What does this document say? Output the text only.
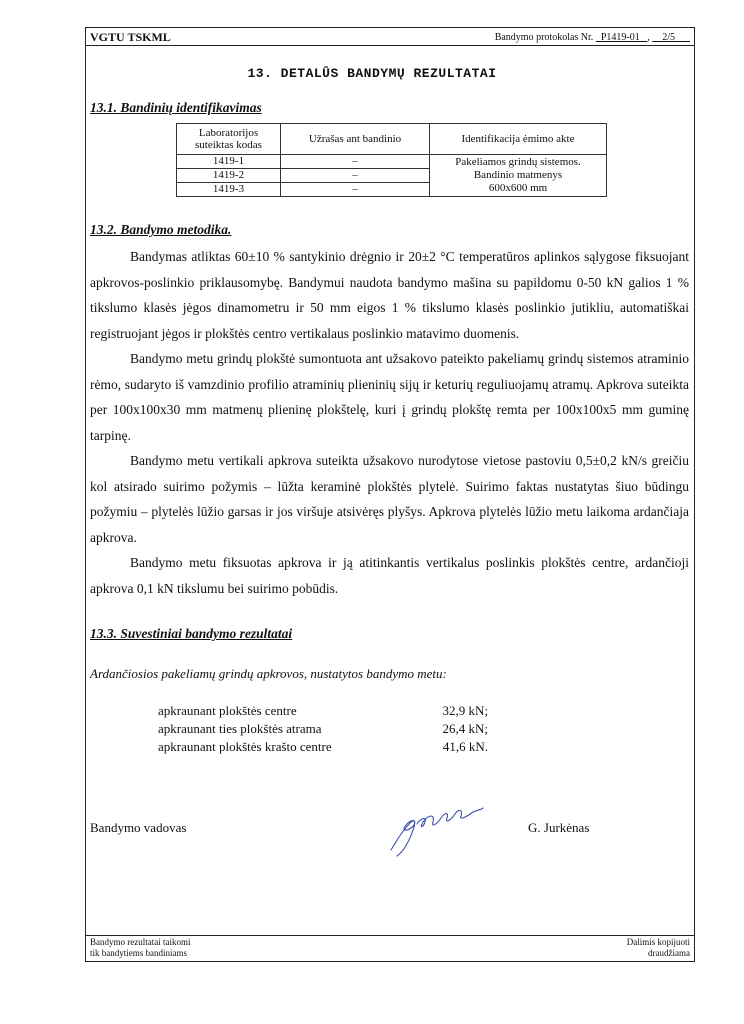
VGTU TSKML	Bandymo protokolas Nr. P1419-01 ,     2/5
13. DETALŪS BANDYMŲ REZULTATAI
13.1. Bandinių identifikavimas
Laboratorijos
suteiktas kodas	Užrašas ant bandinio	Identifikacija ėmimo akte
1419-1	–	Pakeliamos grindų sistemos.
Bandinio matmenys
600x600 mm

1419-2	–	
1419-3	–	
13.2. Bandymo metodika.

Bandymas atliktas 60±10 % santykinio drėgnio ir 20±2 °C temperatūros aplinkos sąlygose fiksuojant apkrovos-poslinkio priklausomybę. Bandymui naudota bandymo mašina su papildomu 0-50 kN galios 1 % tikslumo klasės jėgos dinamometru ir 50 mm eigos 1 % tikslumo klasės poslinkio jutikliu, automatiškai registruojant jėgos ir plokštės centro vertikalaus poslinkio matavimo duomenis.

Bandymo metu grindų plokštė sumontuota ant užsakovo pateikto pakeliamų grindų sistemos atraminio rėmo, sudaryto iš vamzdinio profilio atraminių plieninių sijų ir keturių reguliuojamų atramų. Apkrova suteikta per 100x100x30 mm matmenų plieninę plokštelę, kuri į grindų plokštę remta per 100x100x5 mm guminę tarpinę.

Bandymo metu vertikali apkrova suteikta užsakovo nurodytose vietose pastoviu 0,5±0,2 kN/s greičiu kol atsirado suirimo požymis – lūžta keraminė plokštės plytelė. Suirimo faktas nustatytas šiuo būdingu požymiu – plytelės lūžio garsas ir jos viršuje atsivėręs plyšys. Apkrova plytelės lūžio metu laikoma ardančiaja apkrova.

Bandymo metu fiksuotas apkrova ir ją atitinkantis vertikalus poslinkis plokštės centre, ardančioji apkrova 0,1 kN tikslumu bei suirimo pobūdis.

13.3. Suvestiniai bandymo rezultatai
Ardančiosios pakeliamų grindų apkrovos, nustatytos bandymo metu:
apkraunant plokštės centre	32,9 kN;
apkraunant ties plokštės atrama	26,4 kN;
apkraunant plokštės krašto centre	41,6 kN.
Bandymo vadovas	G. Jurkėnas
Bandymo rezultatai taikomi
tik bandytiems bandiniams
Dalimis kopijuoti
draudžiama
